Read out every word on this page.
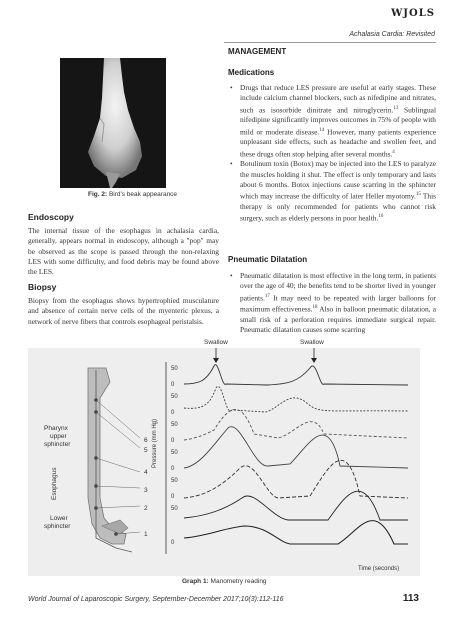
WJOLS
Achalasia Cardia: Revisited
Fig. 2: Bird's beak appearance
Endoscopy
The internal tissue of the esophagus in achalasia cardia, generally, appears normal in endoscopy, although a "pop" may be observed as the scope is passed through the non-relaxing LES with some difficulty, and food debris may be found above the LES.
Biopsy
Biopsy from the esophagus shows hypertrophied musculature and absence of certain nerve cells of the myenteric plexus, a network of nerve fibers that controls esophageal peristalsis.
MANAGEMENT
Medications
• Drugs that reduce LES pressure are useful at early stages. These include calcium channel blockers, such as nifedipine and nitrates, such as isosorbide dinitrate and nitroglycerin.$^{13}$ Sublingual nifedipine significantly improves outcomes in 75% of people with mild or moderate disease.$^{14}$ However, many patients experience unpleasant side effects, such as headache and swollen feet, and these drugs often stop helping after several months.$^4$
• Botulinum toxin (Botox) may be injected into the LES to paralyze the muscles holding it shut. The effect is only temporary and lasts about 6 months. Botox injections cause scarring in the sphincter which may increase the difficulty of later Heller myotomy.$^{15}$ This therapy is only recommended for patients who cannot risk surgery, such as elderly persons in poor health.$^{16}$
Pneumatic Dilatation
• Pneumatic dilatation is most effective in the long term, in patients over the age of 40; the benefits tend to be shorter lived in younger patients.$^{17}$ It may need to be repeated with larger balloons for maximum effectiveness.$^{18}$ Also in balloon pneumatic dilatation, a small risk of a perforation requires immediate surgical repair. Pneumatic dilatation causes some scarring
Swallow	Swallow
6
5
4
3
2
1
Pharynx
upper
sphincter
Esophagus
Lower
sphincter
Pressure (mm Hg)
50
0
50
0
50
0
50
0
50
0
50
0
Time (seconds)
Graph 1: Manometry reading
World Journal of Laparoscopic Surgery, September-December 2017;10(3):112-116	113
